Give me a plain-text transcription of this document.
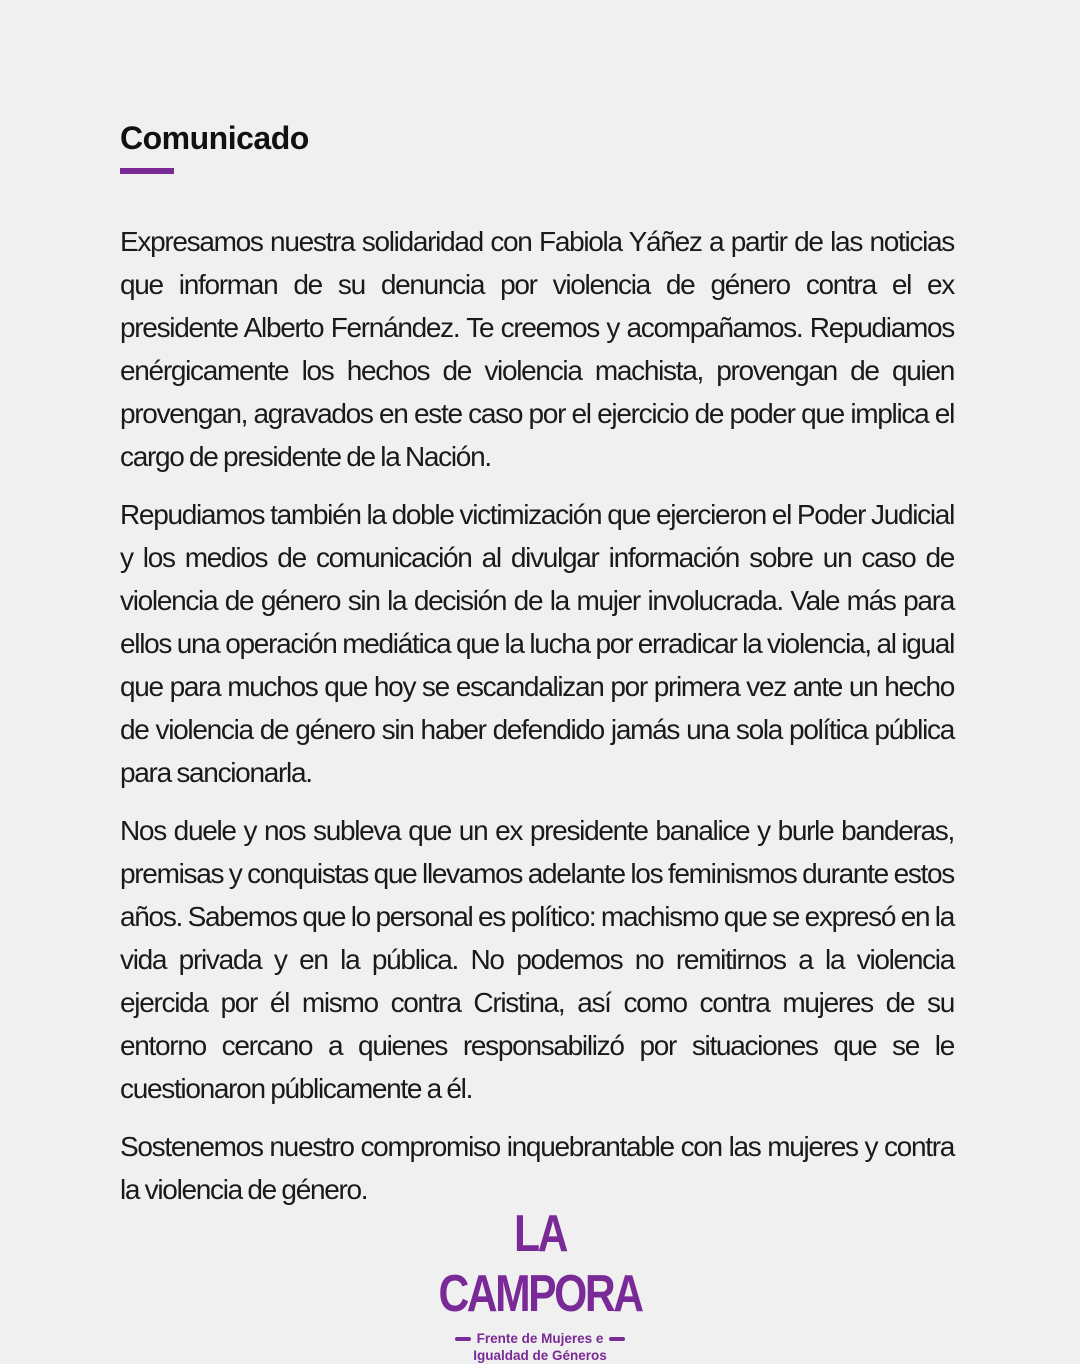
Comunicado

Expresamos nuestra solidaridad con Fabiola Yáñez a partir de las noticias que informan de su denuncia por violencia de género contra el ex presidente Alberto Fernández. Te creemos y acompañamos. Repudiamos enérgicamente los hechos de violencia machista, provengan de quien provengan, agravados en este caso por el ejercicio de poder que implica el cargo de presidente de la Nación.

Repudiamos también la doble victimización que ejercieron el Poder Judicial y los medios de comunicación al divulgar información sobre un caso de violencia de género sin la decisión de la mujer involucrada. Vale más para ellos una operación mediática que la lucha por erradicar la violencia, al igual que para muchos que hoy se escandalizan por primera vez ante un hecho de violencia de género sin haber defendido jamás una sola política pública para sancionarla.

Nos duele y nos subleva que un ex presidente banalice y burle banderas, premisas y conquistas que llevamos adelante los feminismos durante estos años. Sabemos que lo personal es político: machismo que se expresó en la vida privada y en la pública. No podemos no remitirnos a la violencia ejercida por él mismo contra Cristina, así como contra mujeres de su entorno cercano a quienes responsabilizó por situaciones que se le cuestionaron públicamente a él.

Sostenemos nuestro compromiso inquebrantable con las mujeres y contra la violencia de género.

LA CAMPORA
Frente de Mujeres e
Igualdad de Géneros
